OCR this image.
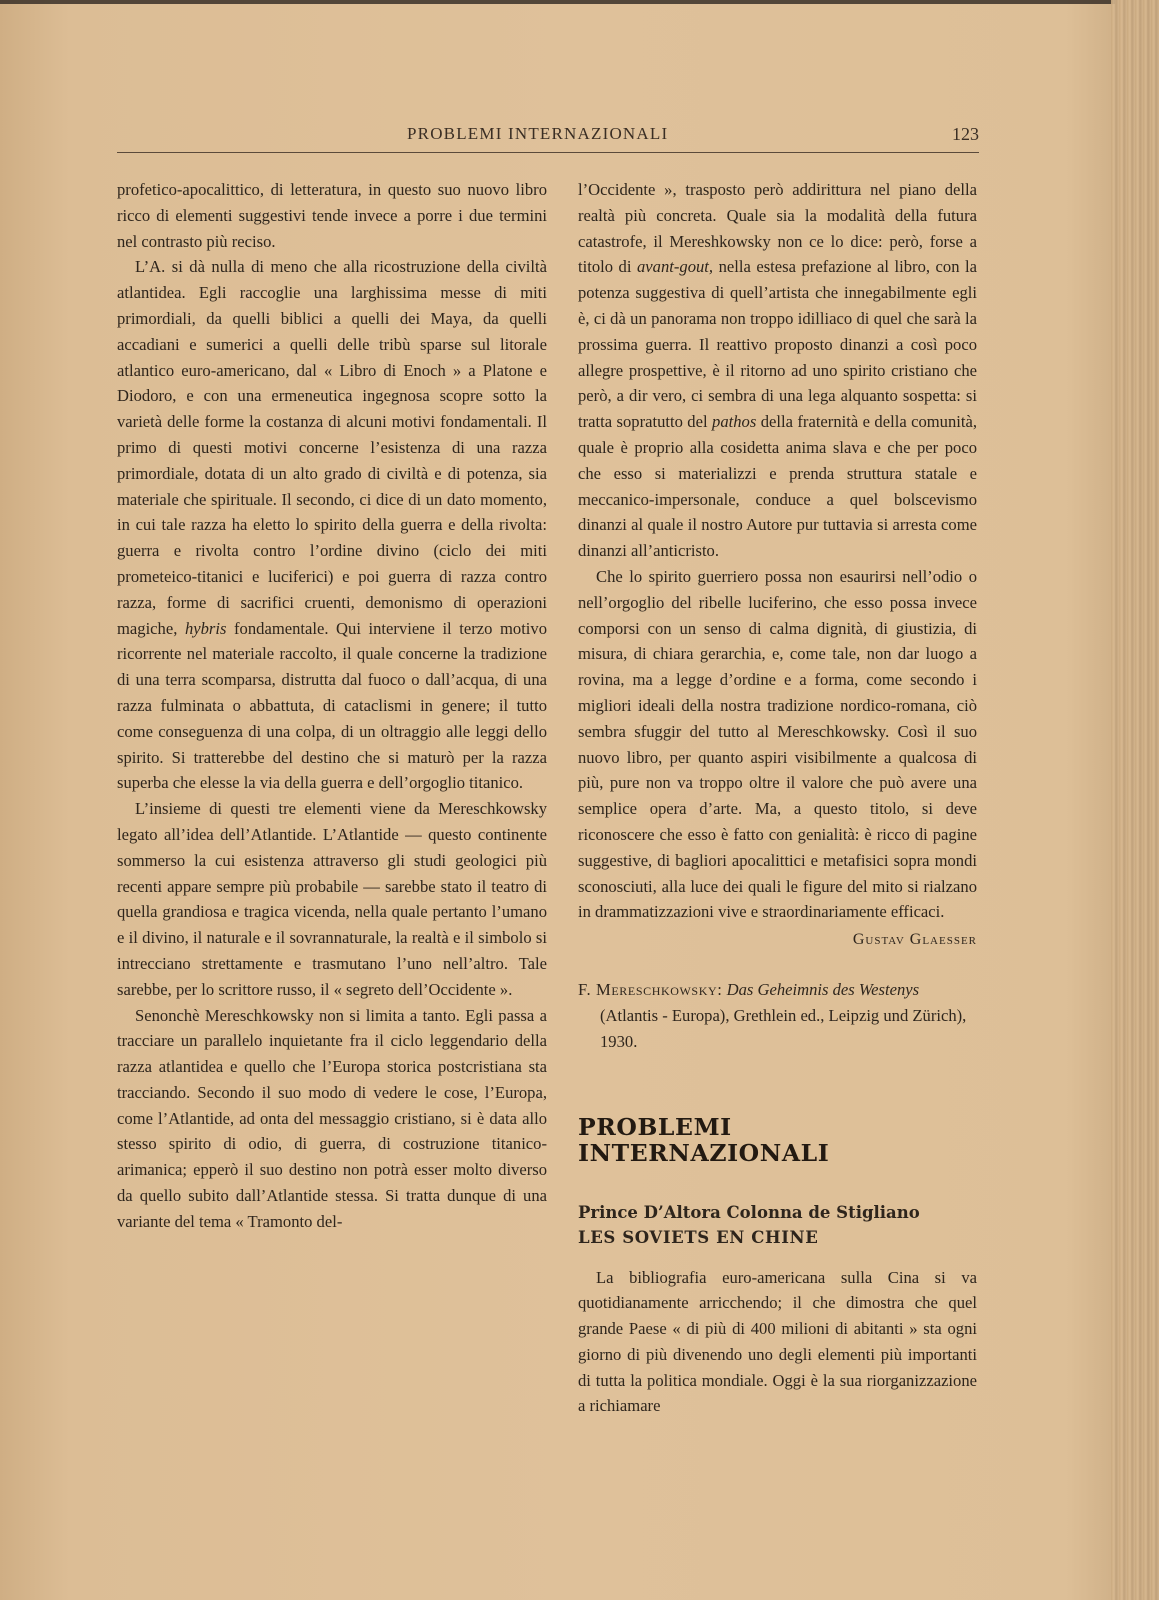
PROBLEMI INTERNAZIONALI	123

profetico-apocalittico, di letteratura, in questo suo nuovo libro ricco di elementi suggestivi tende invece a porre i due termini nel contrasto più reciso.

L’A. si dà nulla di meno che alla ricostruzione della civiltà atlantidea. Egli raccoglie una larghissima messe di miti primordiali, da quelli biblici a quelli dei Maya, da quelli accadiani e sumerici a quelli delle tribù sparse sul litorale atlantico euro-americano, dal « Libro di Enoch » a Platone e Diodoro, e con una ermeneutica ingegnosa scopre sotto la varietà delle forme la costanza di alcuni motivi fondamentali. Il primo di questi motivi concerne l’esistenza di una razza primordiale, dotata di un alto grado di civiltà e di potenza, sia materiale che spirituale. Il secondo, ci dice di un dato momento, in cui tale razza ha eletto lo spirito della guerra e della rivolta: guerra e rivolta contro l’ordine divino (ciclo dei miti prometeico-titanici e luciferici) e poi guerra di razza contro razza, forme di sacrifici cruenti, demonismo di operazioni magiche, hybris fondamentale. Qui interviene il terzo motivo ricorrente nel materiale raccolto, il quale concerne la tradizione di una terra scomparsa, distrutta dal fuoco o dall’acqua, di una razza fulminata o abbattuta, di cataclismi in genere; il tutto come conseguenza di una colpa, di un oltraggio alle leggi dello spirito. Si tratterebbe del destino che si maturò per la razza superba che elesse la via della guerra e dell’orgoglio titanico.

L’insieme di questi tre elementi viene da Mereschkowsky legato all’idea dell’Atlantide. L’Atlantide — questo continente sommerso la cui esistenza attraverso gli studi geologici più recenti appare sempre più probabile — sarebbe stato il teatro di quella grandiosa e tragica vicenda, nella quale pertanto l’umano e il divino, il naturale e il sovrannaturale, la realtà e il simbolo si intrecciano strettamente e trasmutano l’uno nell’altro. Tale sarebbe, per lo scrittore russo, il « segreto dell’Occidente ».

Senonchè Mereschkowsky non si limita a tanto. Egli passa a tracciare un parallelo inquietante fra il ciclo leggendario della razza atlantidea e quello che l’Europa storica postcristiana sta tracciando. Secondo il suo modo di vedere le cose, l’Europa, come l’Atlantide, ad onta del messaggio cristiano, si è data allo stesso spirito di odio, di guerra, di costruzione titanico-arimanica; epperò il suo destino non potrà esser molto diverso da quello subito dall’Atlantide stessa. Si tratta dunque di una variante del tema « Tramonto del-

l’Occidente », trasposto però addirittura nel piano della realtà più concreta. Quale sia la modalità della futura catastrofe, il Mereshkowsky non ce lo dice: però, forse a titolo di avant-gout, nella estesa prefazione al libro, con la potenza suggestiva di quell’artista che innegabilmente egli è, ci dà un panorama non troppo idilliaco di quel che sarà la prossima guerra. Il reattivo proposto dinanzi a così poco allegre prospettive, è il ritorno ad uno spirito cristiano che però, a dir vero, ci sembra di una lega alquanto sospetta: si tratta sopratutto del pathos della fraternità e della comunità, quale è proprio alla cosidetta anima slava e che per poco che esso si materializzi e prenda struttura statale e meccanico-impersonale, conduce a quel bolscevismo dinanzi al quale il nostro Autore pur tuttavia si arresta come dinanzi all’anticristo.

Che lo spirito guerriero possa non esaurirsi nell’odio o nell’orgoglio del ribelle luciferino, che esso possa invece comporsi con un senso di calma dignità, di giustizia, di misura, di chiara gerarchia, e, come tale, non dar luogo a rovina, ma a legge d’ordine e a forma, come secondo i migliori ideali della nostra tradizione nordico-romana, ciò sembra sfuggir del tutto al Mereschkowsky. Così il suo nuovo libro, per quanto aspiri visibilmente a qualcosa di più, pure non va troppo oltre il valore che può avere una semplice opera d’arte. Ma, a questo titolo, si deve riconoscere che esso è fatto con genialità: è ricco di pagine suggestive, di bagliori apocalittici e metafisici sopra mondi sconosciuti, alla luce dei quali le figure del mito si rialzano in drammatizzazioni vive e straordinariamente efficaci.

Gustav Glaesser
F. Mereschkowsky: Das Geheimnis des Westenys (Atlantis - Europa), Grethlein ed., Leipzig und Zürich), 1930.
PROBLEMI INTERNAZIONALI
Prince D’Altora Colonna de Stigliano
LES SOVIETS EN CHINE

La bibliografia euro-americana sulla Cina si va quotidianamente arricchendo; il che dimostra che quel grande Paese « di più di 400 milioni di abitanti » sta ogni giorno di più divenendo uno degli elementi più importanti di tutta la politica mondiale. Oggi è la sua riorganizzazione a richiamare
